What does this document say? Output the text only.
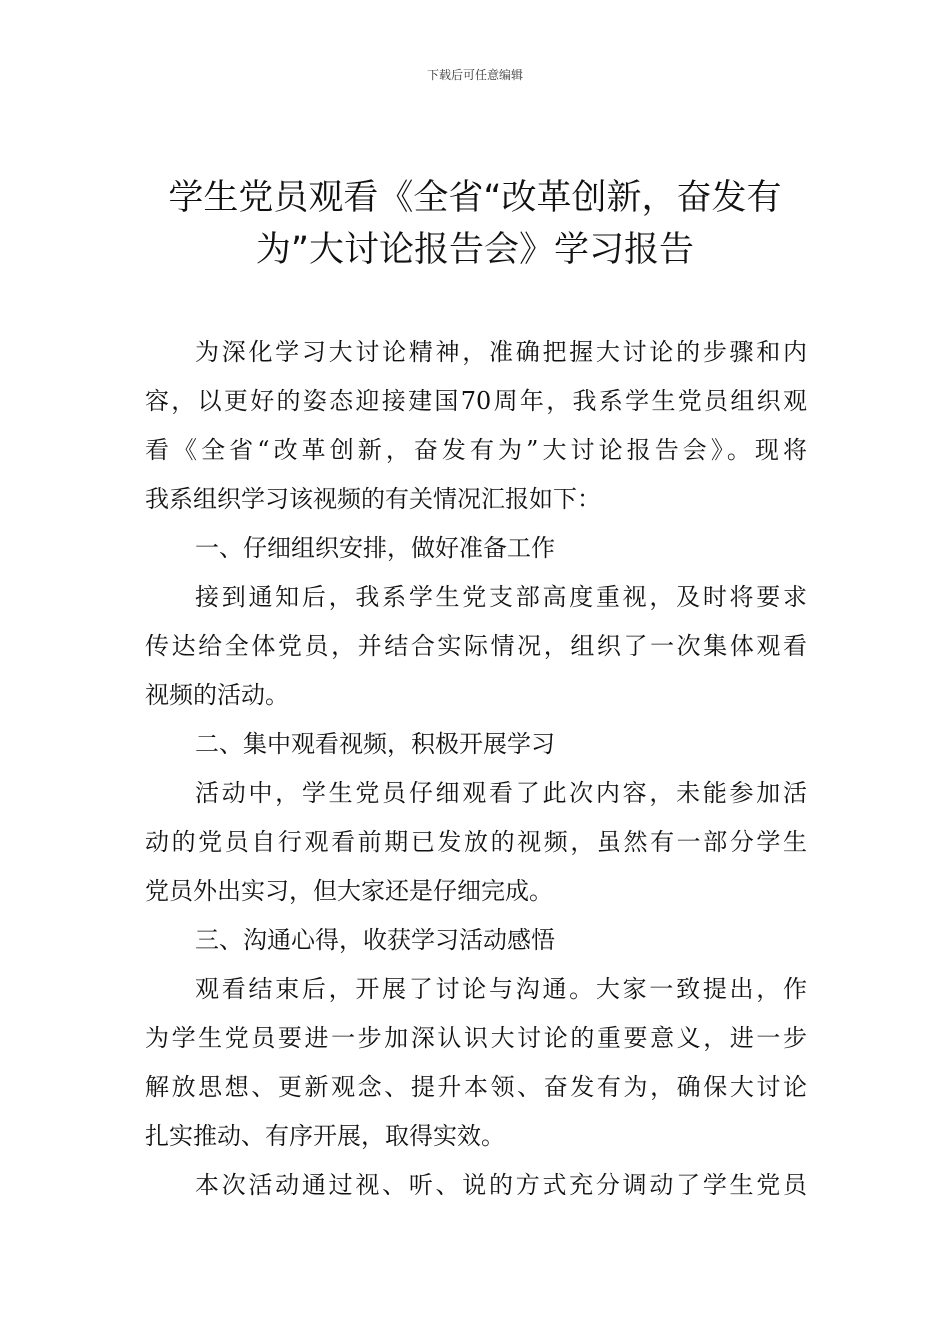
下载后可任意编辑
学生党员观看《全省“改革创新，奋发有
为”大讨论报告会》学习报告
为深化学习大讨论精神，准确把握大讨论的步骤和内
容，以更好的姿态迎接建国70周年，我系学生党员组织观
看《全省“改革创新，奋发有为”大讨论报告会》。现将
我系组织学习该视频的有关情况汇报如下：
一、仔细组织安排，做好准备工作
接到通知后，我系学生党支部高度重视，及时将要求
传达给全体党员，并结合实际情况，组织了一次集体观看
视频的活动。
二、集中观看视频，积极开展学习
活动中，学生党员仔细观看了此次内容，未能参加活
动的党员自行观看前期已发放的视频，虽然有一部分学生
党员外出实习，但大家还是仔细完成。
三、沟通心得，收获学习活动感悟
观看结束后，开展了讨论与沟通。大家一致提出，作
为学生党员要进一步加深认识大讨论的重要意义，进一步
解放思想、更新观念、提升本领、奋发有为，确保大讨论
扎实推动、有序开展，取得实效。
本次活动通过视、听、说的方式充分调动了学生党员
